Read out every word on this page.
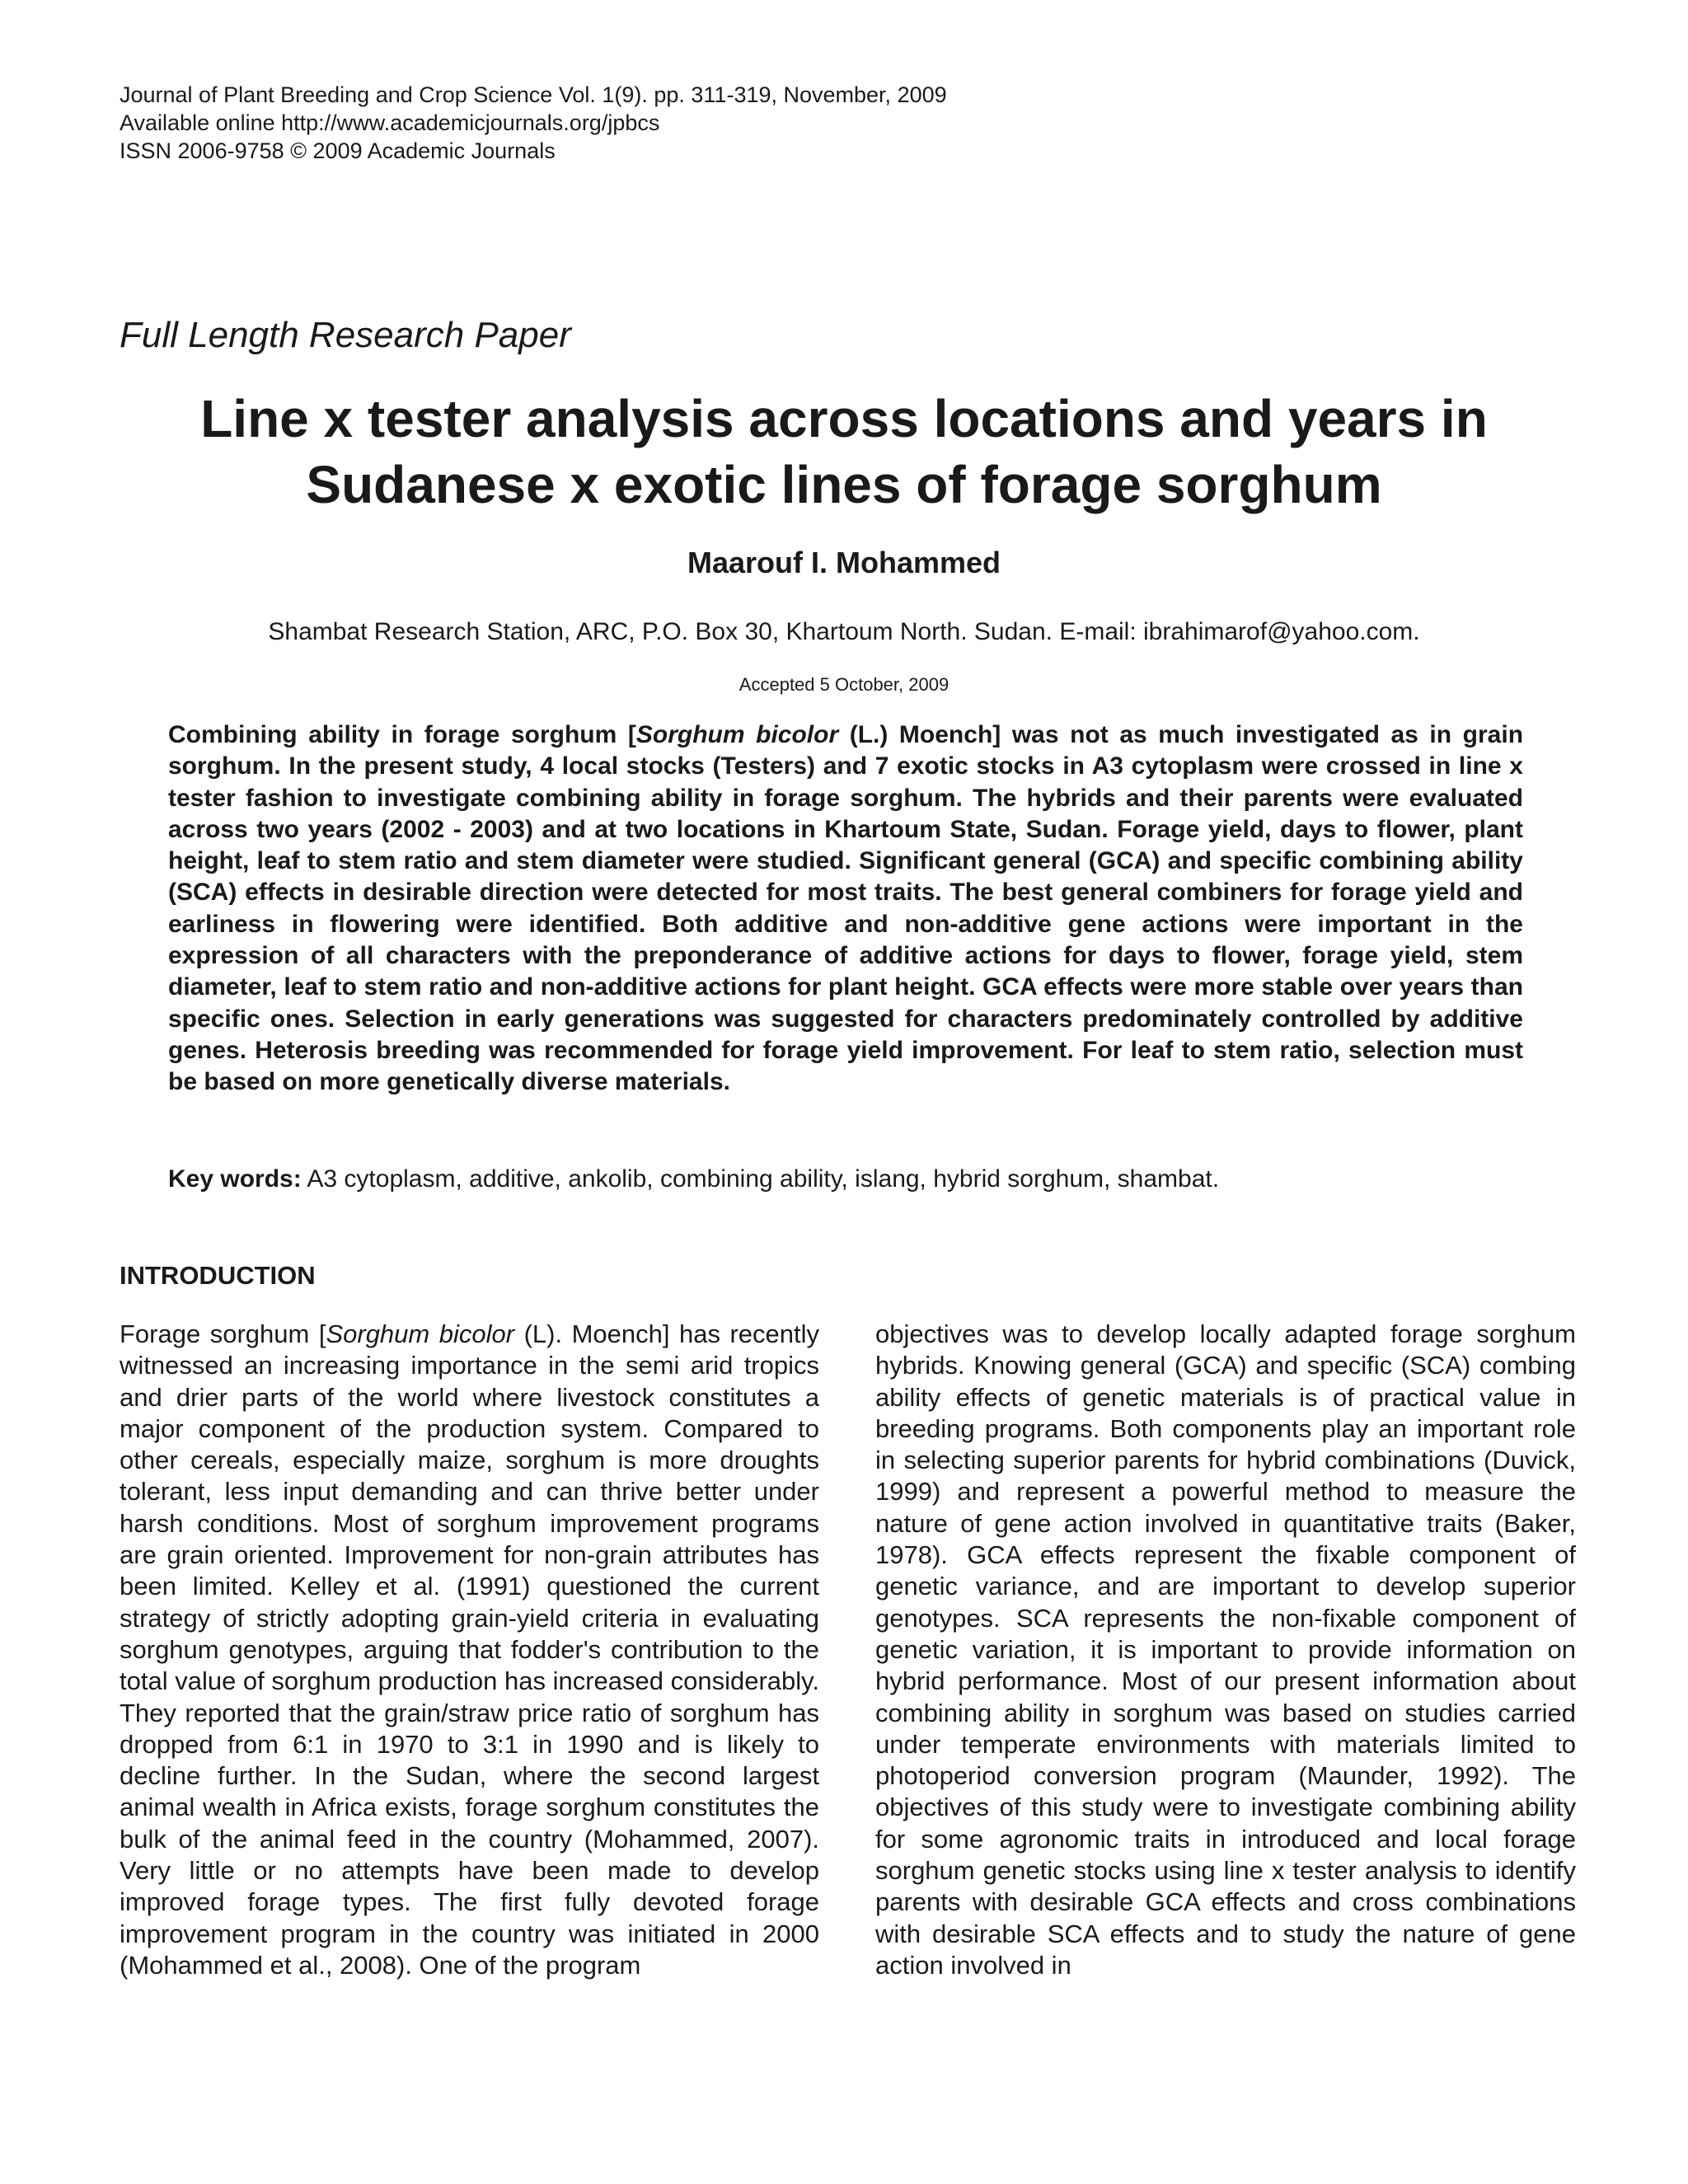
Journal of Plant Breeding and Crop Science Vol. 1(9). pp. 311-319, November, 2009
Available online http://www.academicjournals.org/jpbcs
ISSN 2006-9758 © 2009 Academic Journals
Full Length Research Paper
Line x tester analysis across locations and years in
Sudanese x exotic lines of forage sorghum
Maarouf I. Mohammed
Shambat Research Station, ARC, P.O. Box 30, Khartoum North. Sudan. E-mail: ibrahimarof@yahoo.com.
Accepted 5 October, 2009

Combining ability in forage sorghum [Sorghum bicolor (L.) Moench] was not as much investigated as in grain sorghum. In the present study, 4 local stocks (Testers) and 7 exotic stocks in A3 cytoplasm were crossed in line x tester fashion to investigate combining ability in forage sorghum. The hybrids and their parents were evaluated across two years (2002 - 2003) and at two locations in Khartoum State, Sudan. Forage yield, days to flower, plant height, leaf to stem ratio and stem diameter were studied. Significant general (GCA) and specific combining ability (SCA) effects in desirable direction were detected for most traits. The best general combiners for forage yield and earliness in flowering were identified. Both additive and non-additive gene actions were important in the expression of all characters with the preponderance of additive actions for days to flower, forage yield, stem diameter, leaf to stem ratio and non-additive actions for plant height. GCA effects were more stable over years than specific ones. Selection in early generations was suggested for characters predominately controlled by additive genes. Heterosis breeding was recommended for forage yield improvement. For leaf to stem ratio, selection must be based on more genetically diverse materials.

Key words: A3 cytoplasm, additive, ankolib, combining ability, islang, hybrid sorghum, shambat.
INTRODUCTION

Forage sorghum [Sorghum bicolor (L). Moench] has recently witnessed an increasing importance in the semi arid tropics and drier parts of the world where livestock constitutes a major component of the production system. Compared to other cereals, especially maize, sorghum is more droughts tolerant, less input demanding and can thrive better under harsh conditions. Most of sorghum improvement programs are grain oriented. Improvement for non-grain attributes has been limited. Kelley et al. (1991) questioned the current strategy of strictly adopting grain-yield criteria in evaluating sorghum genotypes, arguing that fodder's contribution to the total value of sorghum production has increased considerably. They reported that the grain/straw price ratio of sorghum has dropped from 6:1 in 1970 to 3:1 in 1990 and is likely to decline further. In the Sudan, where the second largest animal wealth in Africa exists, forage sorghum constitutes the bulk of the animal feed in the country (Mohammed, 2007). Very little or no attempts have been made to develop improved forage types. The first fully devoted forage improvement program in the country was initiated in 2000 (Mohammed et al., 2008). One of the program

objectives was to develop locally adapted forage sorghum hybrids. Knowing general (GCA) and specific (SCA) combing ability effects of genetic materials is of practical value in breeding programs. Both components play an important role in selecting superior parents for hybrid combinations (Duvick, 1999) and represent a powerful method to measure the nature of gene action involved in quantitative traits (Baker, 1978). GCA effects represent the fixable component of genetic variance, and are important to develop superior genotypes. SCA represents the non-fixable component of genetic variation, it is important to provide information on hybrid performance. Most of our present information about combining ability in sorghum was based on studies carried under temperate environments with materials limited to photoperiod conversion program (Maunder, 1992). The objectives of this study were to investigate combining ability for some agronomic traits in introduced and local forage sorghum genetic stocks using line x tester analysis to identify parents with desirable GCA effects and cross combinations with desirable SCA effects and to study the nature of gene action involved in
